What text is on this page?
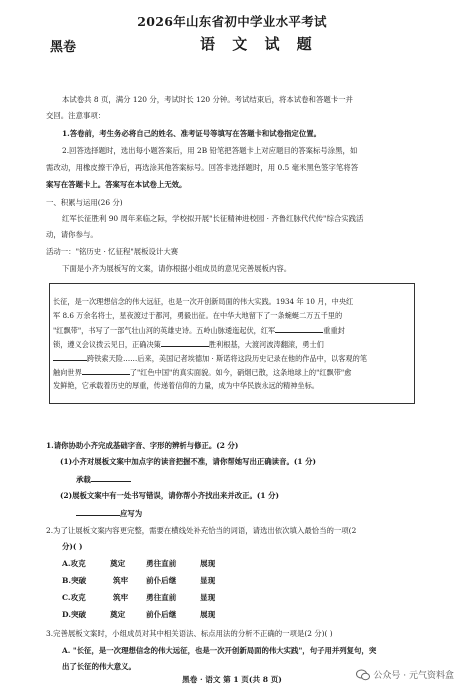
2026年山东省初中学业水平考试
黑卷	语 文 试 题
本试卷共 8 页，满分 120 分，考试时长 120 分钟。考试结束后，将本试卷和答题卡一并
交回。注意事项：
1.答卷前，考生务必将自己的姓名、准考证号等填写在答题卡和试卷指定位置。
2.回答选择题时，选出每小题答案后，用 2B 铅笔把答题卡上对应题目的答案标号涂黑，如
需改动，用橡皮擦干净后，再选涂其他答案标号。回答非选择题时，用 0.5 毫米黑色签字笔将答
案写在答题卡上。答案写在本试卷上无效。
一、积累与运用(26 分)
红军长征胜利 90 周年来临之际，学校拟开展"长征精神进校园 · 齐鲁红脉代代传"综合实践活
动，请你参与。
活动一："铭历史 · 忆征程"展板设计大赛
下面是小齐为展板写的文案，请你根据小组成员的意见完善展板内容。
长征，是一次理想信念的伟大远征，也是一次开创新局面的伟大实践。1934 年 10 月，中央红
军 8.6 万余名将士，星夜渡过于都河，勇毅出征。在中华大地留下了一条蜿蜒二万五千里的
"红飘带"，书写了一部气壮山河的英雄史诗。五岭山脉逶迤起伏，红军	重重封
锁，遵义会议拨云见日，正确决策	胜利根基，大渡河波涛翻滚，勇士们
跨铁索天险……后来，美国记者埃德加 · 斯诺将这段历史记录在他的作品中，以客观的笔
触向世界	了"红色中国"的真实面貌。如今，硝烟已散，这条地球上的"红飘带"愈
发鲜艳，它承载着历史的厚重，传递着信仰的力量，成为中华民族永远的精神坐标。
1.请你协助小齐完成基础字音、字形的辨析与修正。(2 分)
(1)小齐对展板文案中加点字的读音把握不准，请你帮她写出正确读音。(1 分)
承载
(2)展板文案中有一处书写错误，请你帮小齐找出来并改正。(1 分)
应写为
2.为了让展板文案内容更完整，需要在横线处补充恰当的词语，请选出依次填入最恰当的一项(2
分)( )
A.攻克	奠定	勇往直前	展现
B.突破	筑牢 前仆后继	显现
C.攻克	筑牢 勇往直前	显现
D.突破	奠定	前仆后继	展现
3.完善展板文案时，小组成员对其中相关语法、标点用法的分析不正确的一项是(2 分)( )
A. "长征，是一次理想信念的伟大远征，也是一次开创新局面的伟大实践"，句子用并列复句，突
出了长征的伟大意义。
黑卷 · 语文 第 1 页(共 8 页)	公众号 · 元气资料盒
